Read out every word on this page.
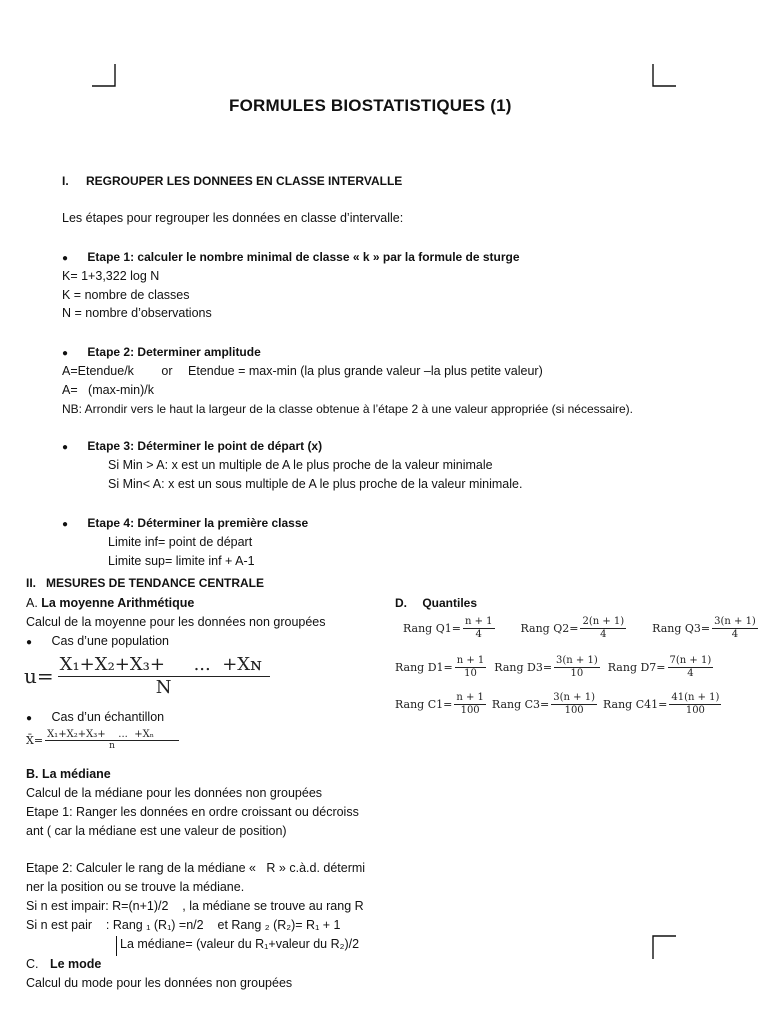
FORMULES BIOSTATISTIQUES (1)
I. REGROUPER LES DONNEES EN CLASSE INTERVALLE
Les étapes pour regrouper les données en classe d’intervalle:
● Etape 1: calculer le nombre minimal de classe « k » par la formule de sturge
K= 1+3,322 log N
K = nombre de classes
N = nombre d’observations
● Etape 2: Determiner amplitude
A=Etendue/k or Etendue = max-min (la plus grande valeur –la plus petite valeur)
A=   (max-min)/k
NB: Arrondir vers le haut la largeur de la classe obtenue à l’étape 2 à une valeur appropriée (si nécessaire).
● Etape 3: Déterminer le point de départ (x)
Si Min > A: x est un multiple de A le plus proche de la valeur minimale
Si Min< A: x est un sous multiple de A le plus proche de la valeur minimale.
● Etape 4: Déterminer la première classe
Limite inf= point de départ
Limite sup= limite inf + A-1
II.   MESURES DE TENDANCE CENTRALE
A. La moyenne Arithmétique
Calcul de la moyenne pour les données non groupées
● Cas d’une population
$u= \frac{\text{X₁+X₂+X₃+     ...  +Xɴ}}{N}$
● Cas d’un échantillon
X̄= $\frac{\text{X₁+X₂+X₃+    ...  +Xₙ}}{n}$
B. La médiane
Calcul de la médiane pour les données non groupées
Etape 1: Ranger les données en ordre croissant ou décroiss
ant ( car la médiane est une valeur de position)
Etape 2: Calculer le rang de la médiane «   R » c.à.d. détermi
ner la position ou se trouve la médiane.
Si n est impair: R=(n+1)/2    , la médiane se trouve au rang R
Si n est pair    : Rang ₁ (R₁) =n/2    et Rang ₂ (R₂)= R₁ + 1
La médiane= (valeur du R₁+valeur du R₂)/2
C. Le mode
Calcul du mode pour les données non groupées
D. Quantiles
Rang $Q1= \frac{n + 1}{4}$ Rang $Q2= \frac{2(n + 1)}{4}$ Rang $Q3= \frac{3(n + 1)}{4}$
Rang $D1= \frac{n + 1}{10}$ Rang $D3= \frac{3(n + 1)}{10}$ Rang $D7= \frac{7(n + 1)}{4}$
Rang $C1= \frac{n + 1}{100}$ Rang $C3= \frac{3(n + 1)}{100}$ Rang $C41= \frac{41(n + 1)}{100}$
